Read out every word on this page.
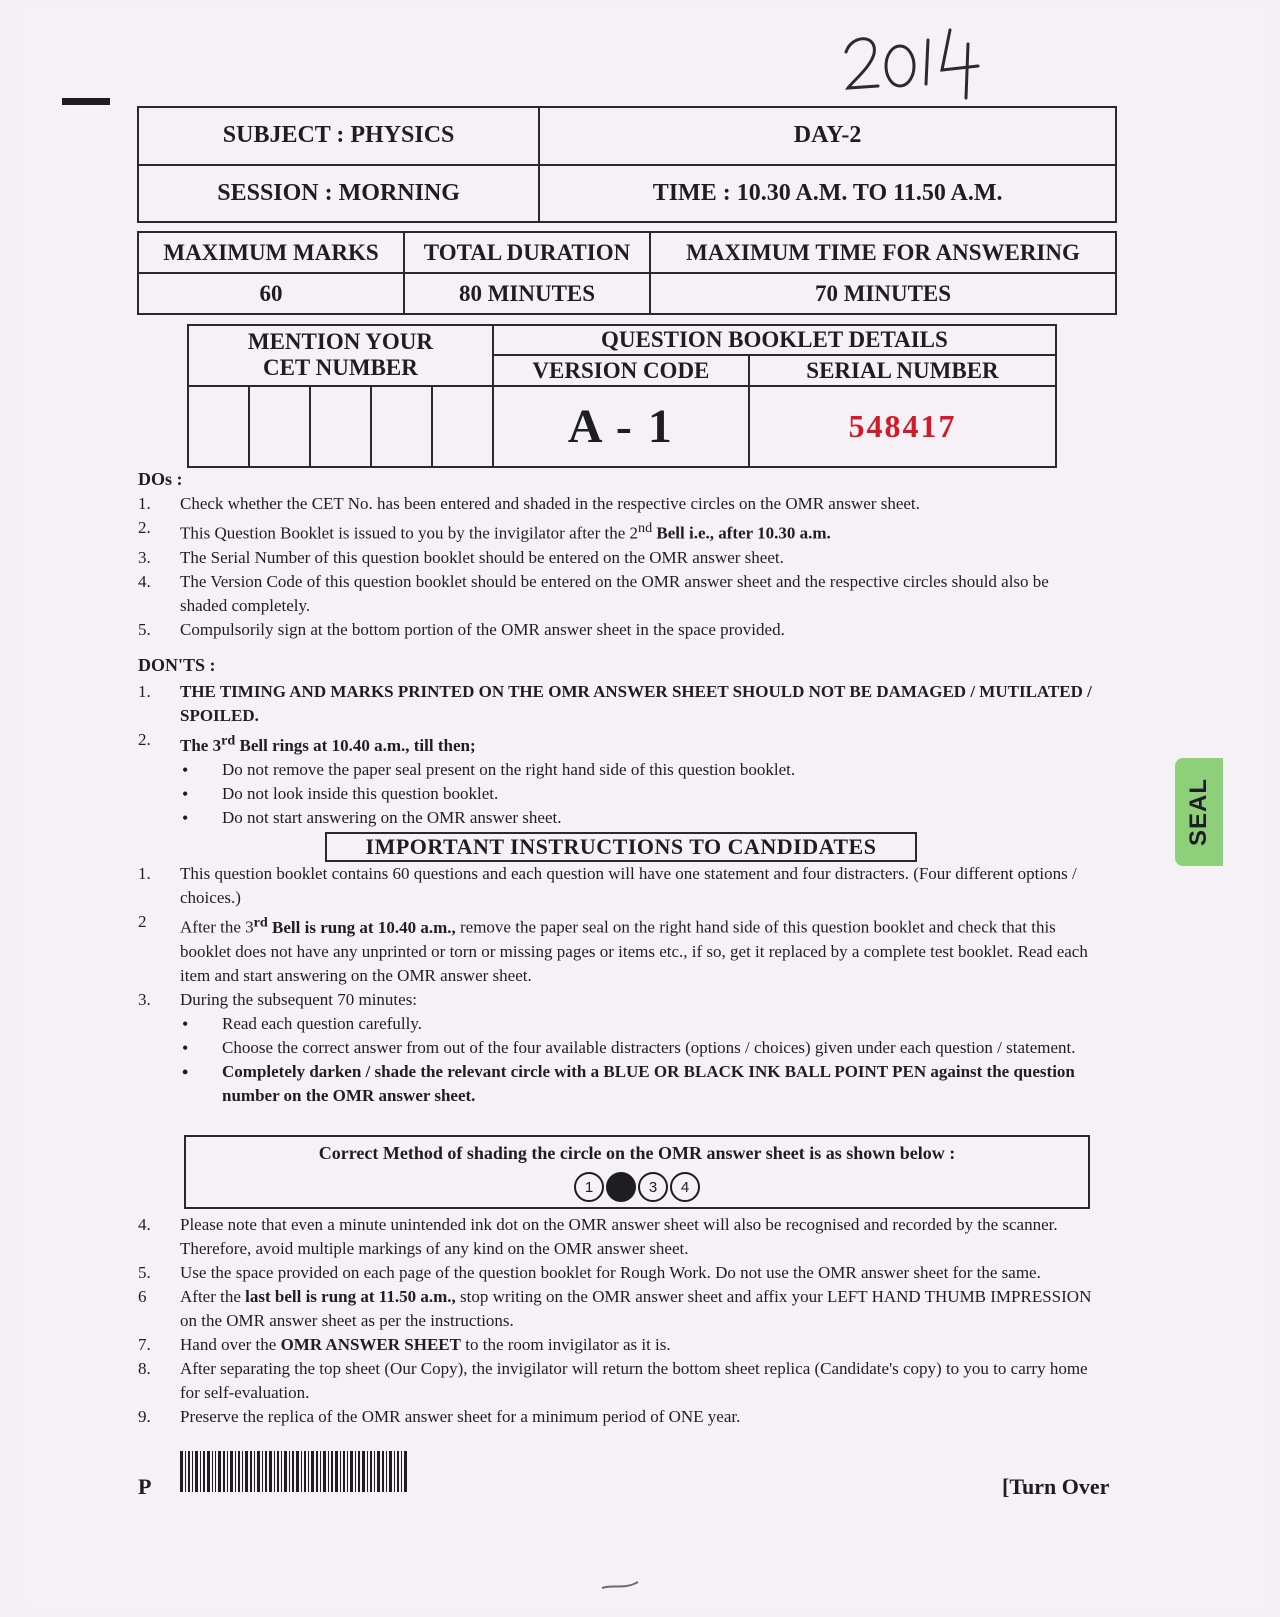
SUBJECT : PHYSICS	DAY-2
SESSION : MORNING	TIME : 10.30 A.M. TO 11.50 A.M.
MAXIMUM MARKS	TOTAL DURATION	MAXIMUM TIME FOR ANSWERING
60	80 MINUTES	70 MINUTES
MENTION YOUR
CET NUMBER					QUESTION BOOKLET DETAILS	
					VERSION CODE	SERIAL NUMBER
					A - 1	548417
DOs :
1. Check whether the CET No. has been entered and shaded in the respective circles on the OMR answer sheet.
2. This Question Booklet is issued to you by the invigilator after the 2nd Bell i.e., after 10.30 a.m.
3. The Serial Number of this question booklet should be entered on the OMR answer sheet.
4. The Version Code of this question booklet should be entered on the OMR answer sheet and the respective circles should also be shaded completely.
5. Compulsorily sign at the bottom portion of the OMR answer sheet in the space provided.
DON'TS :
1. THE TIMING AND MARKS PRINTED ON THE OMR ANSWER SHEET SHOULD NOT BE DAMAGED / MUTILATED / SPOILED.
2. The 3rd Bell rings at 10.40 a.m., till then;
• Do not remove the paper seal present on the right hand side of this question booklet.
• Do not look inside this question booklet.
• Do not start answering on the OMR answer sheet.
IMPORTANT INSTRUCTIONS TO CANDIDATES
1. This question booklet contains 60 questions and each question will have one statement and four distracters. (Four different options / choices.)
2 After the 3rd Bell is rung at 10.40 a.m., remove the paper seal on the right hand side of this question booklet and check that this booklet does not have any unprinted or torn or missing pages or items etc., if so, get it replaced by a complete test booklet. Read each item and start answering on the OMR answer sheet.
3. During the subsequent 70 minutes:
• Read each question carefully.
• Choose the correct answer from out of the four available distracters (options / choices) given under each question / statement.
• Completely darken / shade the relevant circle with a BLUE OR BLACK INK BALL POINT PEN against the question number on the OMR answer sheet.
Correct Method of shading the circle on the OMR answer sheet is as shown below :
1	2	3	4
4. Please note that even a minute unintended ink dot on the OMR answer sheet will also be recognised and recorded by the scanner. Therefore, avoid multiple markings of any kind on the OMR answer sheet.
5. Use the space provided on each page of the question booklet for Rough Work. Do not use the OMR answer sheet for the same.
6 After the last bell is rung at 11.50 a.m., stop writing on the OMR answer sheet and affix your LEFT HAND THUMB IMPRESSION on the OMR answer sheet as per the instructions.
7. Hand over the OMR ANSWER SHEET to the room invigilator as it is.
8. After separating the top sheet (Our Copy), the invigilator will return the bottom sheet replica (Candidate's copy) to you to carry home for self-evaluation.
9. Preserve the replica of the OMR answer sheet for a minimum period of ONE year.
SEAL
P	[Turn Over
